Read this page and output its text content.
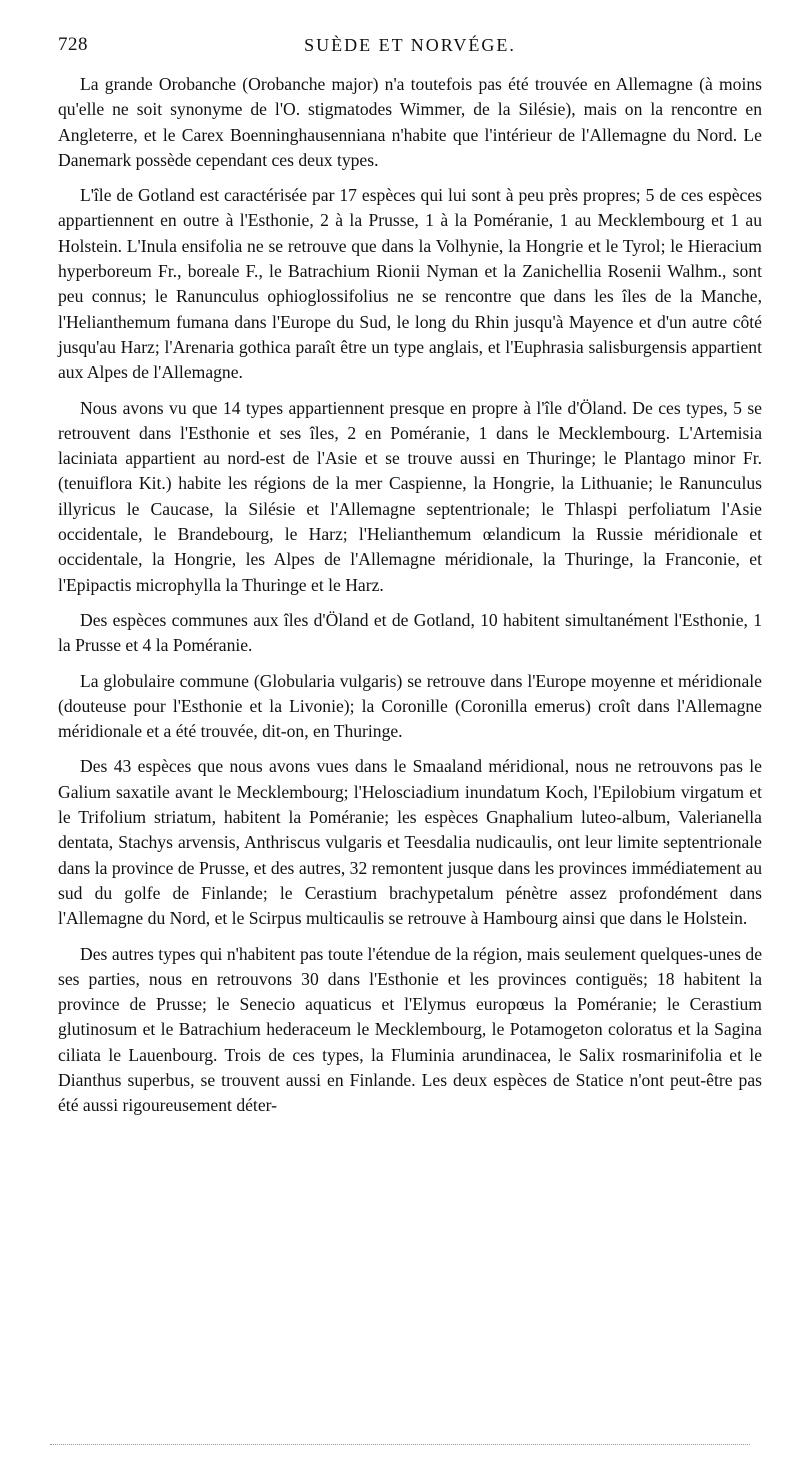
728	SUÈDE ET NORVÉGE.

La grande Orobanche (Orobanche major) n'a toutefois pas été trouvée en Allemagne (à moins qu'elle ne soit synonyme de l'O. stigmatodes Wimmer, de la Silésie), mais on la rencontre en Angleterre, et le Carex Boenninghausenniana n'habite que l'intérieur de l'Allemagne du Nord. Le Danemark possède cependant ces deux types.

L'île de Gotland est caractérisée par 17 espèces qui lui sont à peu près propres; 5 de ces espèces appartiennent en outre à l'Esthonie, 2 à la Prusse, 1 à la Poméranie, 1 au Mecklembourg et 1 au Holstein. L'Inula ensifolia ne se retrouve que dans la Volhynie, la Hongrie et le Tyrol; le Hieracium hyperboreum Fr., boreale F., le Batrachium Rionii Nyman et la Zanichellia Rosenii Walhm., sont peu connus; le Ranunculus ophioglossifolius ne se rencontre que dans les îles de la Manche, l'Helianthemum fumana dans l'Europe du Sud, le long du Rhin jusqu'à Mayence et d'un autre côté jusqu'au Harz; l'Arenaria gothica paraît être un type anglais, et l'Euphrasia salisburgensis appartient aux Alpes de l'Allemagne.

Nous avons vu que 14 types appartiennent presque en propre à l'île d'Öland. De ces types, 5 se retrouvent dans l'Esthonie et ses îles, 2 en Poméranie, 1 dans le Mecklembourg. L'Artemisia laciniata appartient au nord-est de l'Asie et se trouve aussi en Thuringe; le Plantago minor Fr. (tenuiflora Kit.) habite les régions de la mer Caspienne, la Hongrie, la Lithuanie; le Ranunculus illyricus le Caucase, la Silésie et l'Allemagne septentrionale; le Thlaspi perfoliatum l'Asie occidentale, le Brandebourg, le Harz; l'Helianthemum œlandicum la Russie méridionale et occidentale, la Hongrie, les Alpes de l'Allemagne méridionale, la Thuringe, la Franconie, et l'Epipactis microphylla la Thuringe et le Harz.

Des espèces communes aux îles d'Öland et de Gotland, 10 habitent simultanément l'Esthonie, 1 la Prusse et 4 la Poméranie.

La globulaire commune (Globularia vulgaris) se retrouve dans l'Europe moyenne et méridionale (douteuse pour l'Esthonie et la Livonie); la Coronille (Coronilla emerus) croît dans l'Allemagne méridionale et a été trouvée, dit-on, en Thuringe.

Des 43 espèces que nous avons vues dans le Smaaland méridional, nous ne retrouvons pas le Galium saxatile avant le Mecklembourg; l'Helosciadium inundatum Koch, l'Epilobium virgatum et le Trifolium striatum, habitent la Poméranie; les espèces Gnaphalium luteo-album, Valerianella dentata, Stachys arvensis, Anthriscus vulgaris et Teesdalia nudicaulis, ont leur limite septentrionale dans la province de Prusse, et des autres, 32 remontent jusque dans les provinces immédiatement au sud du golfe de Finlande; le Cerastium brachypetalum pénètre assez profondément dans l'Allemagne du Nord, et le Scirpus multicaulis se retrouve à Hambourg ainsi que dans le Holstein.

Des autres types qui n'habitent pas toute l'étendue de la région, mais seulement quelques-unes de ses parties, nous en retrouvons 30 dans l'Esthonie et les provinces contiguës; 18 habitent la province de Prusse; le Senecio aquaticus et l'Elymus europœus la Poméranie; le Cerastium glutinosum et le Batrachium hederaceum le Mecklembourg, le Potamogeton coloratus et la Sagina ciliata le Lauenbourg. Trois de ces types, la Fluminia arundinacea, le Salix rosmarinifolia et le Dianthus superbus, se trouvent aussi en Finlande. Les deux espèces de Statice n'ont peut-être pas été aussi rigoureusement déter-
